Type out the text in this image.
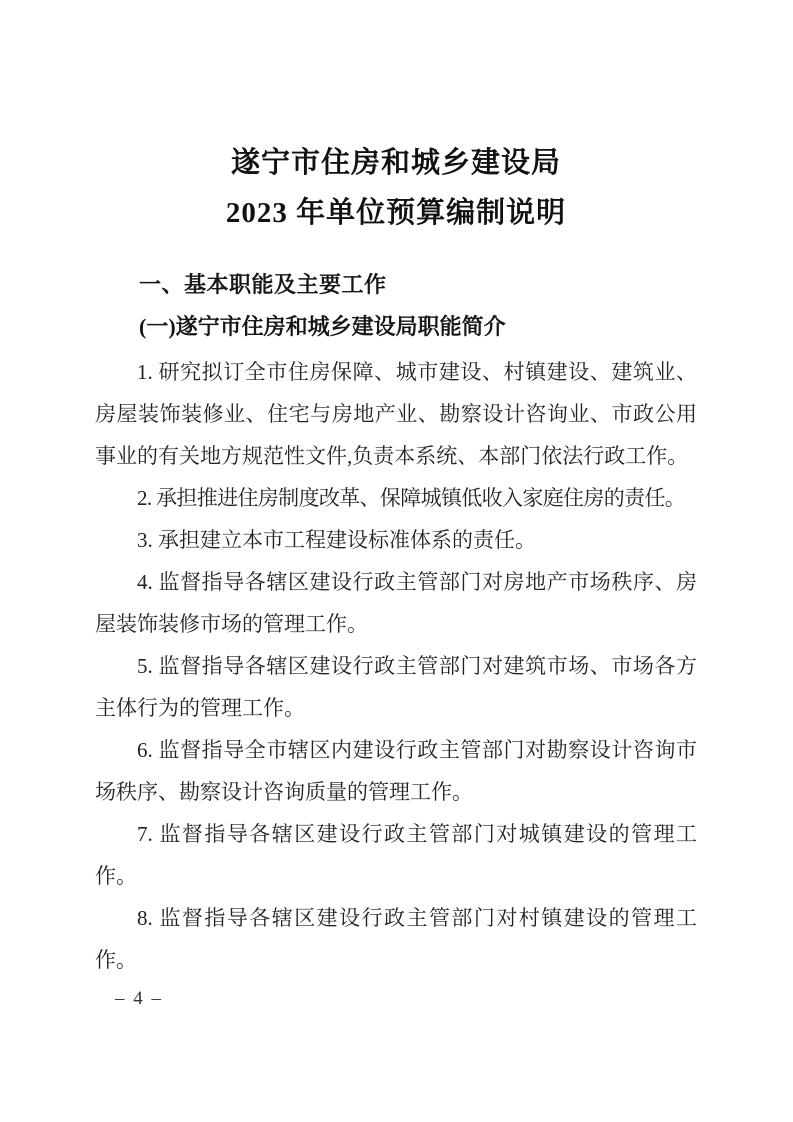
遂宁市住房和城乡建设局
2023 年单位预算编制说明
一、基本职能及主要工作
(一)遂宁市住房和城乡建设局职能简介

1. 研究拟订全市住房保障、城市建设、村镇建设、建筑业、房屋装饰装修业、住宅与房地产业、勘察设计咨询业、市政公用事业的有关地方规范性文件,负责本系统、本部门依法行政工作。

2. 承担推进住房制度改革、保障城镇低收入家庭住房的责任。

3. 承担建立本市工程建设标准体系的责任。

4. 监督指导各辖区建设行政主管部门对房地产市场秩序、房屋装饰装修市场的管理工作。

5. 监督指导各辖区建设行政主管部门对建筑市场、市场各方主体行为的管理工作。

6. 监督指导全市辖区内建设行政主管部门对勘察设计咨询市场秩序、勘察设计咨询质量的管理工作。

7. 监督指导各辖区建设行政主管部门对城镇建设的管理工作。

8. 监督指导各辖区建设行政主管部门对村镇建设的管理工作。

– 4 –
